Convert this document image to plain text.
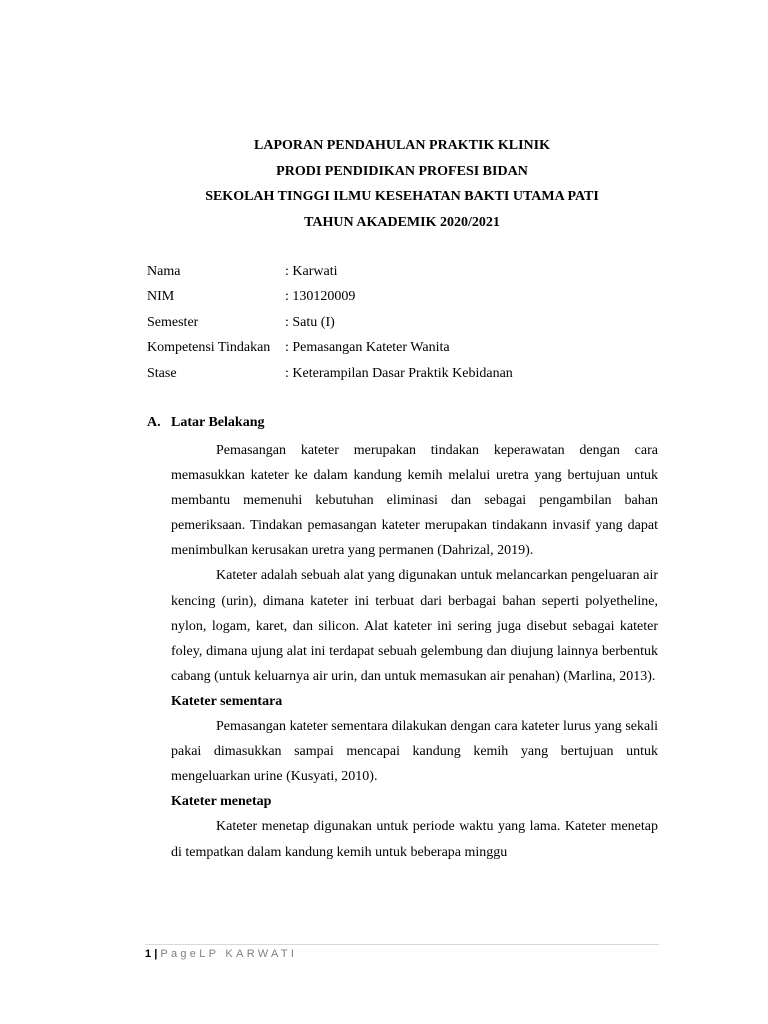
LAPORAN PENDAHULAN PRAKTIK KLINIK
PRODI PENDIDIKAN PROFESI BIDAN
SEKOLAH TINGGI ILMU KESEHATAN BAKTI UTAMA PATI
TAHUN AKADEMIK 2020/2021
Nama	: Karwati
NIM	: 130120009
Semester	: Satu (I)
Kompetensi Tindakan	: Pemasangan Kateter Wanita
Stase	: Keterampilan Dasar Praktik Kebidanan
A. Latar Belakang

Pemasangan kateter merupakan tindakan keperawatan dengan cara memasukkan kateter ke dalam kandung kemih melalui uretra yang bertujuan untuk membantu memenuhi kebutuhan eliminasi dan sebagai pengambilan bahan pemeriksaan. Tindakan pemasangan kateter merupakan tindakann invasif yang dapat menimbulkan kerusakan uretra yang permanen (Dahrizal, 2019).

Kateter adalah sebuah alat yang digunakan untuk melancarkan pengeluaran air kencing (urin), dimana kateter ini terbuat dari berbagai bahan seperti polyetheline, nylon, logam, karet, dan silicon. Alat kateter ini sering juga disebut sebagai kateter foley, dimana ujung alat ini terdapat sebuah gelembung dan diujung lainnya berbentuk cabang (untuk keluarnya air urin, dan untuk memasukan air penahan) (Marlina, 2013).

Kateter sementara

Pemasangan kateter sementara dilakukan dengan cara kateter lurus yang sekali pakai dimasukkan sampai mencapai kandung kemih yang bertujuan untuk mengeluarkan urine (Kusyati, 2010).

Kateter menetap

Kateter menetap digunakan untuk periode waktu yang lama. Kateter menetap di tempatkan dalam kandung kemih untuk beberapa minggu

1 | PageLP KARWATI
